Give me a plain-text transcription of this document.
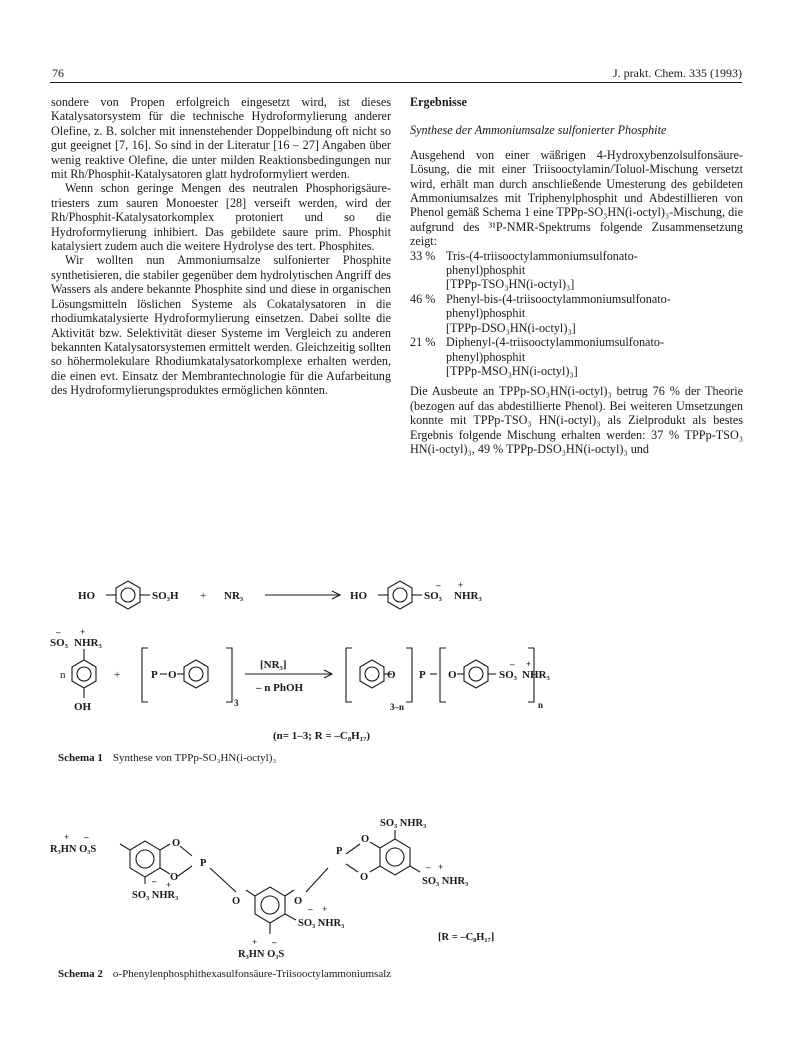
76	J. prakt. Chem. 335 (1993)

sondere von Propen erfolgreich eingesetzt wird, ist dieses Katalysatorsystem für die technische Hydroformylierung anderer Olefine, z. B. solcher mit innenstehender Doppelbindung oft nicht so gut geeignet [7, 16]. So sind in der Literatur [16 – 27] Angaben über wenig reaktive Olefine, die unter milden Reaktionsbedingungen nur mit Rh/Phosphit-Katalysatoren glatt hydroformyliert werden.

Wenn schon geringe Mengen des neutralen Phosphorigsäure-triesters zum sauren Monoester [28] verseift werden, wird der Rh/Phosphit-Katalysatorkomplex protoniert und so die Hydroformylierung inhibiert. Das gebildete saure prim. Phosphit katalysiert zudem auch die weitere Hydrolyse des tert. Phosphites.

Wir wollten nun Ammoniumsalze sulfonierter Phosphite synthetisieren, die stabiler gegenüber dem hydrolytischen Angriff des Wassers als andere bekannte Phosphite sind und diese in organischen Lösungsmitteln löslichen Systeme als Cokatalysatoren in die rhodiumkatalysierte Hydroformylierung einsetzen. Dabei sollte die Aktivität bzw. Selektivität dieser Systeme im Vergleich zu anderen bekannten Katalysatorsystemen ermittelt werden. Gleichzeitig sollten so höhermolekulare Rhodiumkatalysatorkomplexe erhalten werden, die einen evt. Einsatz der Membrantechnologie für die Aufarbeitung des Hydroformylierungsproduktes ermöglichen könnten.

Ergebnisse

Synthese der Ammoniumsalze sulfonierter Phosphite

Ausgehend von einer wäßrigen 4-Hydroxybenzolsulfonsäure-Lösung, die mit einer Triisooctylamin/Toluol-Mischung versetzt wird, erhält man durch anschließende Umesterung des gebildeten Ammoniumsalzes mit Triphenylphosphit und Abdestillieren von Phenol gemäß Schema 1 eine TPPp-SO₃HN(i-octyl)₃-Mischung, die aufgrund des ³¹P-NMR-Spektrums folgende Zusammensetzung zeigt:

33 % Tris-(4-triisooctylammoniumsulfonato-
phenyl)phosphit
[TPPp-TSO₃HN(i-octyl)₃]
46 % Phenyl-bis-(4-triisooctylammoniumsulfonato-
phenyl)phosphit
[TPPp-DSO₃HN(i-octyl)₃]
21 % Diphenyl-(4-triisooctylammoniumsulfonato-
phenyl)phosphit
[TPPp-MSO₃HN(i-octyl)₃]

Die Ausbeute an TPPp-SO₃HN(i-octyl)₃ betrug 76 % der Theorie (bezogen auf das abdestillierte Phenol). Bei weiteren Umsetzungen konnte mit TPPp-TSO₃ HN(i-octyl)₃ als Zielprodukt als bestes Ergebnis folgende Mischung erhalten werden: 37 % TPPp-TSO₃ HN(i-octyl)₃, 49 % TPPp-DSO₃HN(i-octyl)₃ und

HO	SO₃H + NR₃	HO	SO₃
–
NHR₃
+
– +
SO₃ NHR₃
n
OH
+	P O
3
[NR₃]
– n PhOH
O
3–n
P O	SO₃
–
NHR₃
+
n
(n= 1–3; R = –C₈H₁₇)
Schema 1 Synthese von TPPp-SO₃HN(i-octyl)₃
R₃HN O₃S
+ –
O
P
O
– +
SO₃ NHR₃
O	O
P
O
O
SO₃ NHR₃
SO₃ NHR₃
– +
SO₃ NHR₃
– +
R₃HN O₃S
+ –	[R = –C₈H₁₇]
Schema 2 o-Phenylenphosphithexasulfonsäure-Triisooctylammoniumsalz
